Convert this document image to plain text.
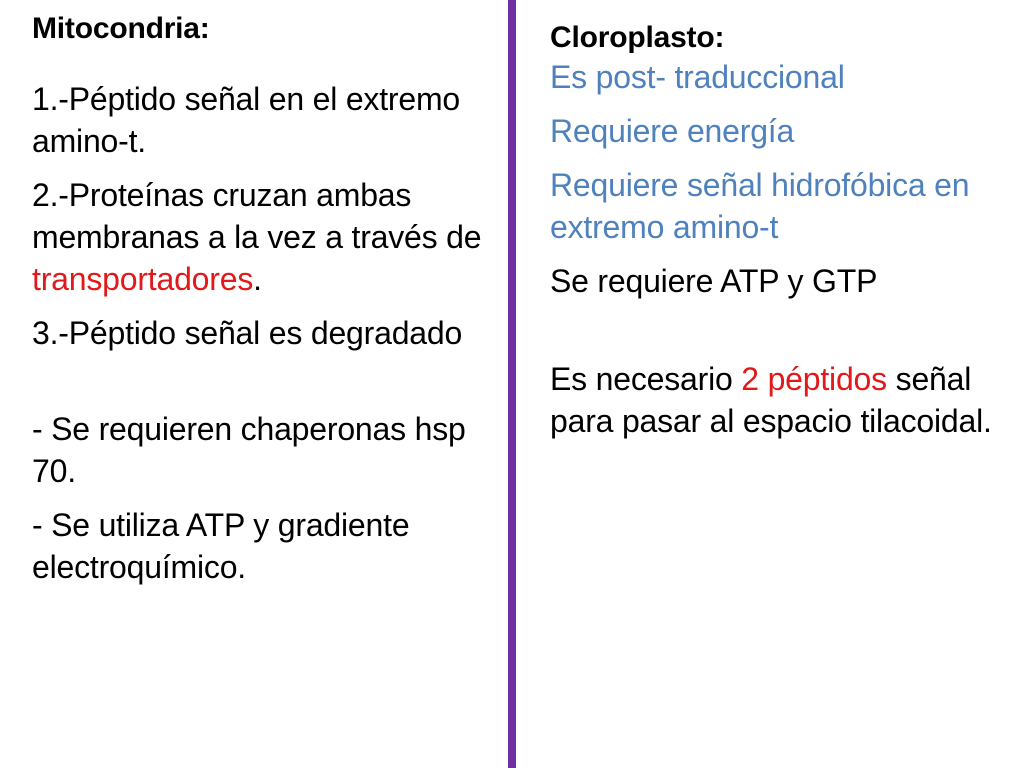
Mitocondria:

1.-Péptido señal en el extremo amino-t.

2.-Proteínas cruzan ambas membranas a la vez a través de transportadores.

3.-Péptido señal es degradado

- Se requieren chaperonas hsp 70.

- Se utiliza ATP y gradiente electroquímico.

Cloroplasto:

Es post- traduccional

Requiere energía

Requiere señal hidrofóbica en extremo amino-t

Se requiere ATP y GTP

Es necesario 2 péptidos señal para pasar al espacio tilacoidal.
